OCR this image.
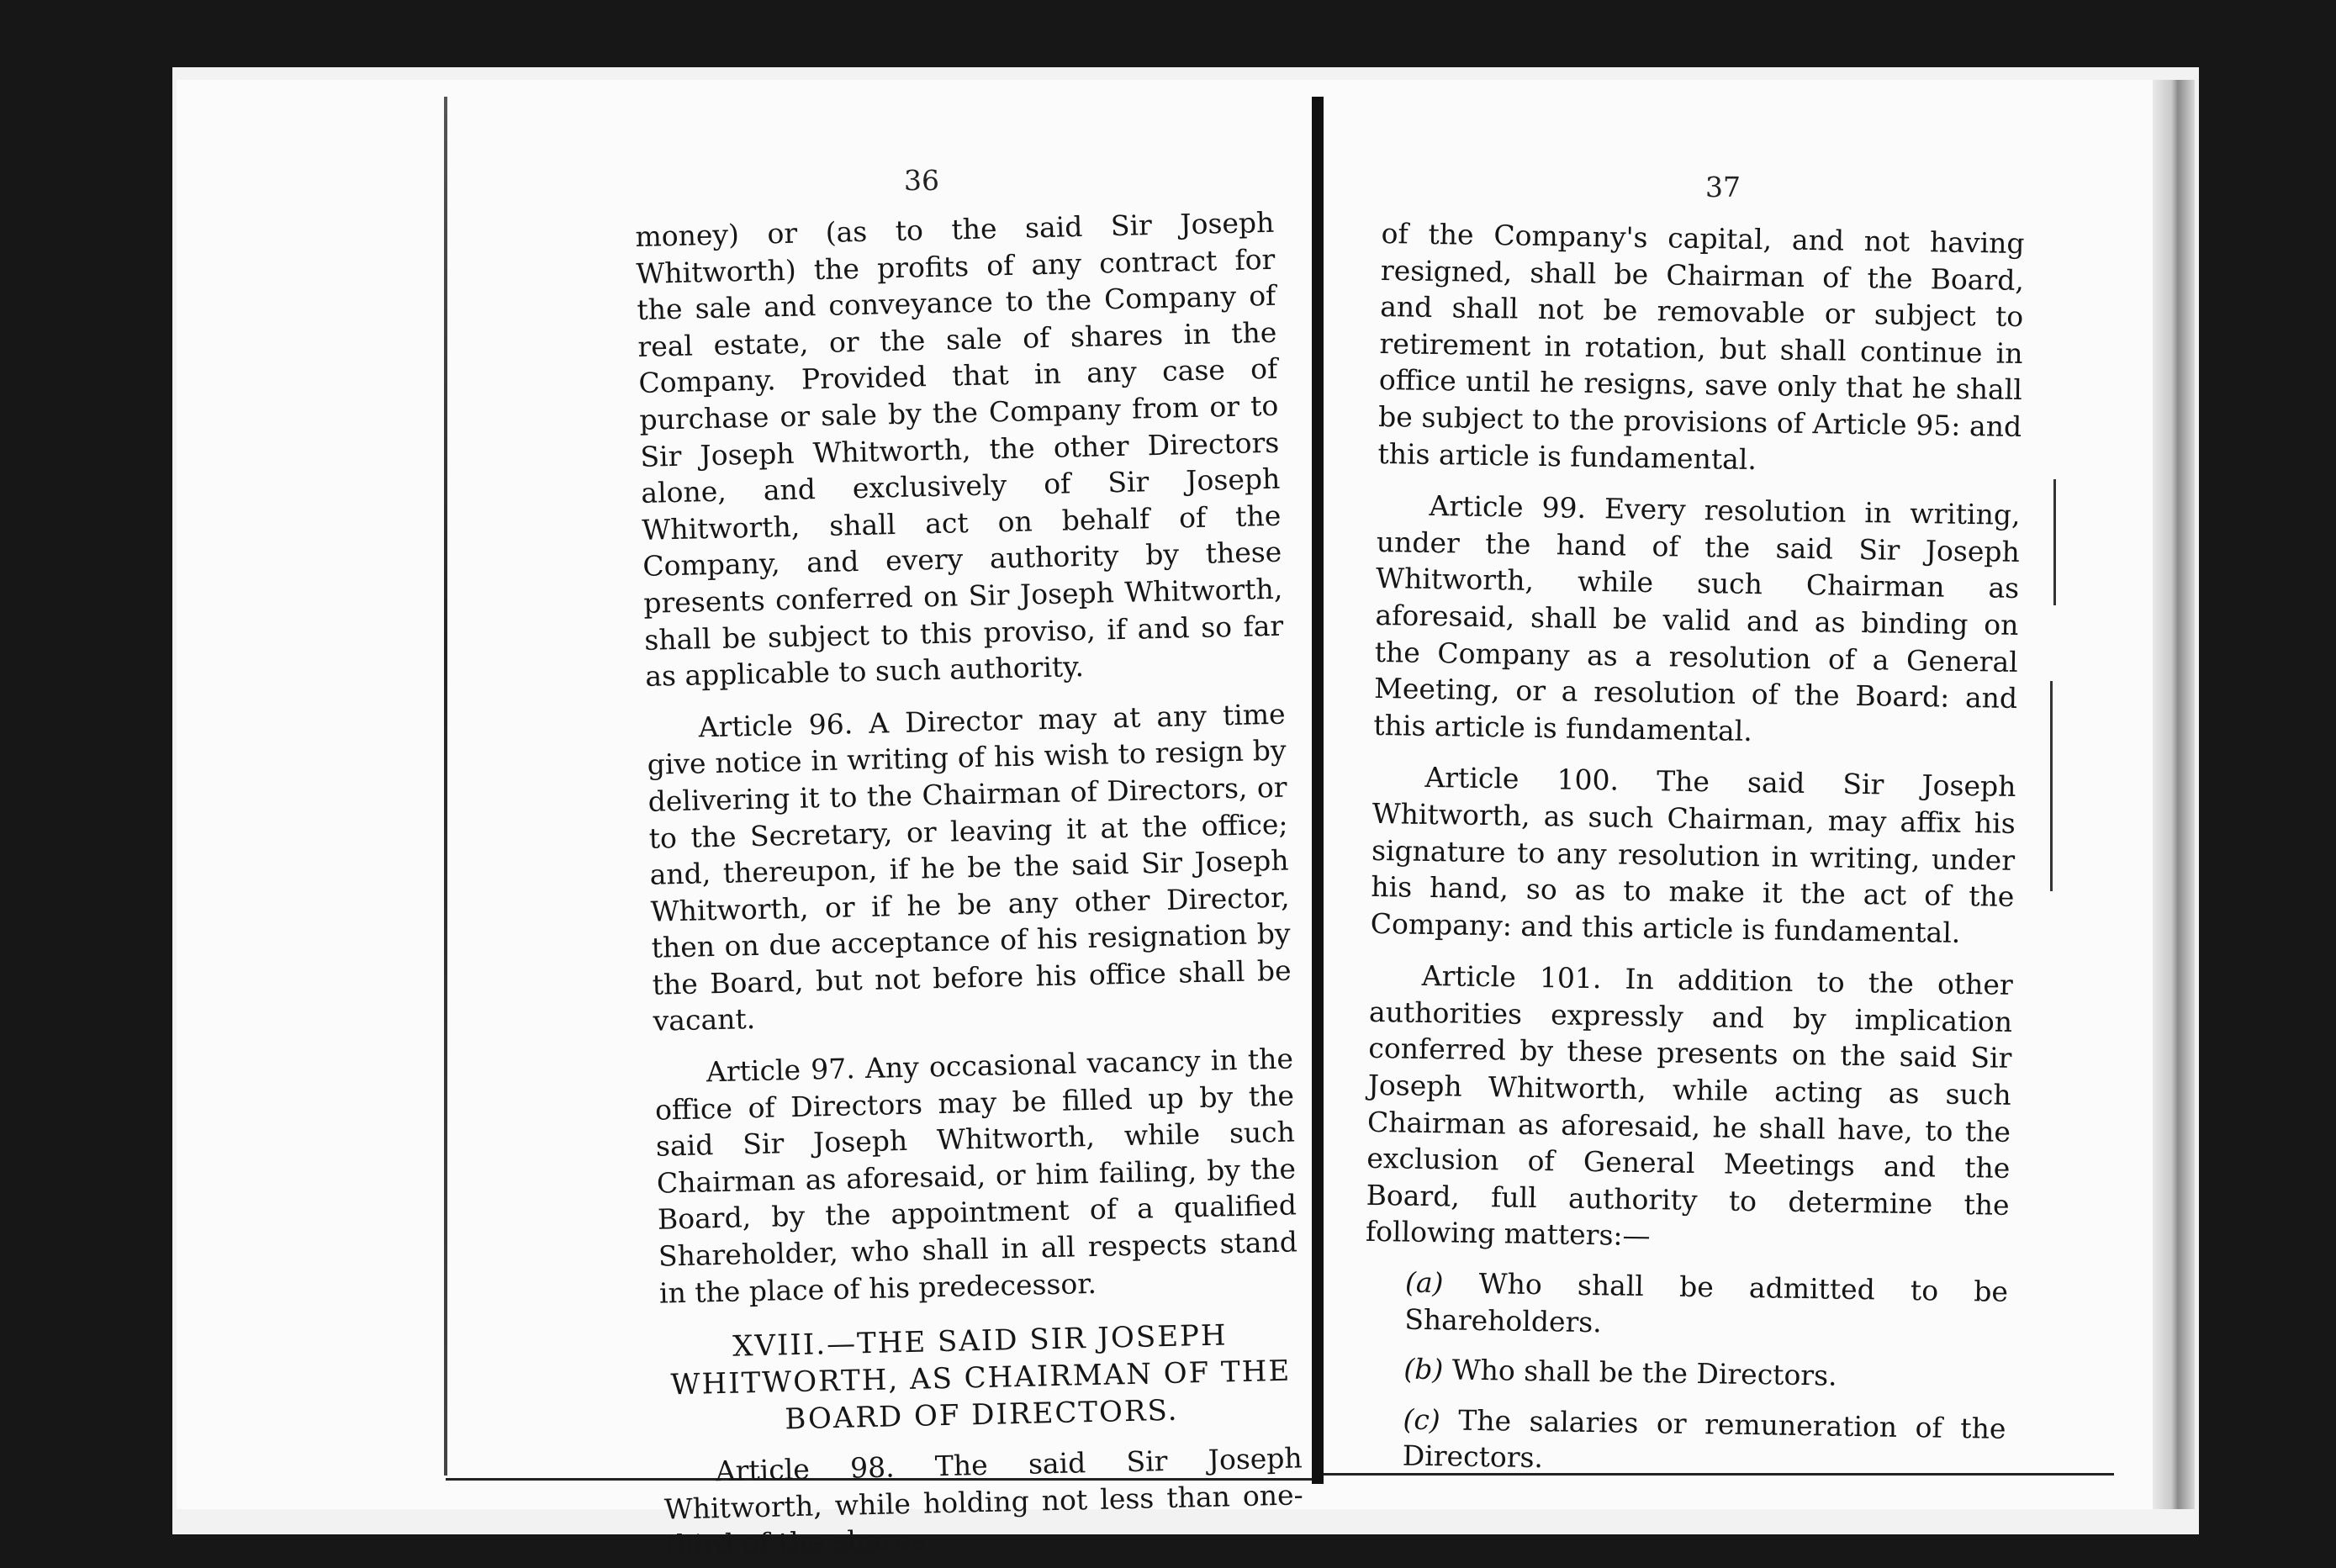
36

money) or (as to the said Sir Joseph Whitworth) the profits of any contract for the sale and conveyance to the Company of real estate, or the sale of shares in the Company. Provided that in any case of purchase or sale by the Company from or to Sir Joseph Whitworth, the other Directors alone, and exclusively of Sir Joseph Whitworth, shall act on behalf of the Company, and every authority by these presents conferred on Sir Joseph Whitworth, shall be subject to this proviso, if and so far as applicable to such authority.

Article 96. A Director may at any time give notice in writing of his wish to resign by delivering it to the Chairman of Directors, or to the Secretary, or leaving it at the office; and, thereupon, if he be the said Sir Joseph Whitworth, or if he be any other Director, then on due acceptance of his resignation by the Board, but not before his office shall be vacant.

Article 97. Any occasional vacancy in the office of Directors may be filled up by the said Sir Joseph Whitworth, while such Chairman as aforesaid, or him failing, by the Board, by the appointment of a qualified Shareholder, who shall in all respects stand in the place of his predecessor.

XVIII.—THE SAID SIR JOSEPH WHITWORTH, AS CHAIRMAN OF THE BOARD OF DIRECTORS.

Article 98. The said Sir Joseph Whitworth, while holding not less than one-third of the shares

37

of the Company's capital, and not having resigned, shall be Chairman of the Board, and shall not be removable or subject to retirement in rotation, but shall continue in office until he resigns, save only that he shall be subject to the provisions of Article 95: and this article is fundamental.

Article 99. Every resolution in writing, under the hand of the said Sir Joseph Whitworth, while such Chairman as aforesaid, shall be valid and as binding on the Company as a resolution of a General Meeting, or a resolution of the Board: and this article is fundamental.

Article 100. The said Sir Joseph Whitworth, as such Chairman, may affix his signature to any resolution in writing, under his hand, so as to make it the act of the Company: and this article is fundamental.

Article 101. In addition to the other authorities expressly and by implication conferred by these presents on the said Sir Joseph Whitworth, while acting as such Chairman as aforesaid, he shall have, to the exclusion of General Meetings and the Board, full authority to determine the following matters:—

(a) Who shall be admitted to be Shareholders.

(b) Who shall be the Directors.

(c) The salaries or remuneration of the Directors.
